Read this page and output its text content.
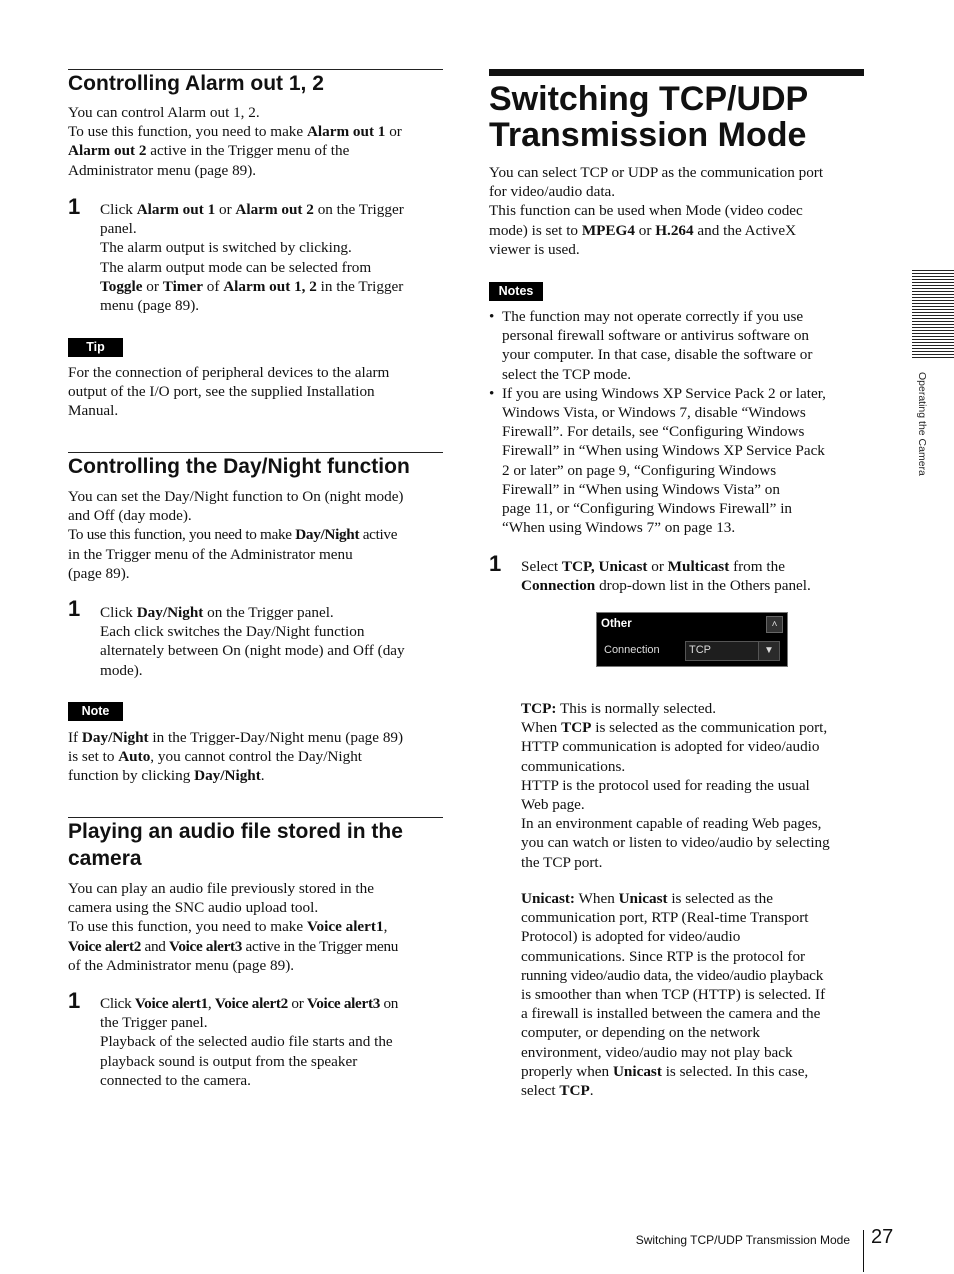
Controlling Alarm out 1, 2
You can control Alarm out 1, 2.
To use this function, you need to make Alarm out 1 or
Alarm out 2 active in the Trigger menu of the
Administrator menu (page 89).
1 Click Alarm out 1 or Alarm out 2 on the Trigger
panel.
The alarm output is switched by clicking.
The alarm output mode can be selected from
Toggle or Timer of Alarm out 1, 2 in the Trigger
menu (page 89).
Tip
For the connection of peripheral devices to the alarm
output of the I/O port, see the supplied Installation
Manual.
Controlling the Day/Night function
You can set the Day/Night function to On (night mode)
and Off (day mode).
To use this function, you need to make Day/Night active
in the Trigger menu of the Administrator menu
(page 89).
1 Click Day/Night on the Trigger panel.
Each click switches the Day/Night function
alternately between On (night mode) and Off (day
mode).
Note
If Day/Night in the Trigger-Day/Night menu (page 89)
is set to Auto, you cannot control the Day/Night
function by clicking Day/Night.
Playing an audio file stored in the
camera
You can play an audio file previously stored in the
camera using the SNC audio upload tool.
To use this function, you need to make Voice alert1,
Voice alert2 and Voice alert3 active in the Trigger menu
of the Administrator menu (page 89).
1 Click Voice alert1, Voice alert2 or Voice alert3 on
the Trigger panel.
Playback of the selected audio file starts and the
playback sound is output from the speaker
connected to the camera.
Switching TCP/UDP
Transmission Mode
You can select TCP or UDP as the communication port
for video/audio data.
This function can be used when Mode (video codec
mode) is set to MPEG4 or H.264 and the ActiveX
viewer is used.
Notes
• The function may not operate correctly if you use
personal firewall software or antivirus software on
your computer. In that case, disable the software or
select the TCP mode.
• If you are using Windows XP Service Pack 2 or later,
Windows Vista, or Windows 7, disable “Windows
Firewall”. For details, see “Configuring Windows
Firewall” in “When using Windows XP Service Pack
2 or later” on page 9, “Configuring Windows
Firewall” in “When using Windows Vista” on
page 11, or “Configuring Windows Firewall” in
“When using Windows 7” on page 13.
1 Select TCP, Unicast or Multicast from the
Connection drop-down list in the Others panel.
TCP: This is normally selected.
When TCP is selected as the communication port,
HTTP communication is adopted for video/audio
communications.
HTTP is the protocol used for reading the usual
Web page.
In an environment capable of reading Web pages,
you can watch or listen to video/audio by selecting
the TCP port.
Unicast: When Unicast is selected as the
communication port, RTP (Real-time Transport
Protocol) is adopted for video/audio
communications. Since RTP is the protocol for
running video/audio data, the video/audio playback
is smoother than when TCP (HTTP) is selected. If
a firewall is installed between the camera and the
computer, or depending on the network
environment, video/audio may not play back
properly when Unicast is selected. In this case,
select TCP.
Other	˄
Connection	TCP	▼
Operating the Camera
Switching TCP/UDP Transmission Mode 27
